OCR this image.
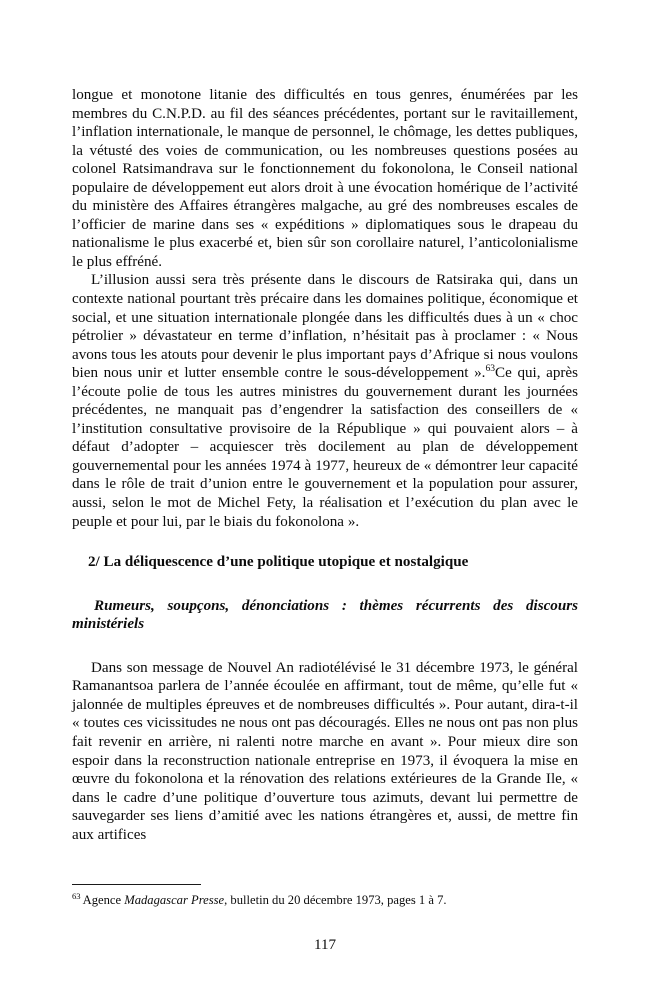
longue et monotone litanie des difficultés en tous genres, énumérées par les membres du C.N.P.D. au fil des séances précédentes, portant sur le ravitaillement, l’inflation internationale, le manque de personnel, le chômage, les dettes publiques, la vétusté des voies de communication, ou les nombreuses questions posées au colonel Ratsimandrava sur le fonctionnement du fokonolona, le Conseil national populaire de développement eut alors droit à une évocation homérique de l’activité du ministère des Affaires étrangères malgache, au gré des nombreuses escales de l’officier de marine dans ses « expéditions » diplomatiques sous le drapeau du nationalisme le plus exacerbé et, bien sûr son corollaire naturel, l’anticolonialisme le plus effréné.

L’illusion aussi sera très présente dans le discours de Ratsiraka qui, dans un contexte national pourtant très précaire dans les domaines politique, économique et social, et une situation internationale plongée dans les difficultés dues à un « choc pétrolier » dévastateur en terme d’inflation, n’hésitait pas à proclamer : « Nous avons tous les atouts pour devenir le plus important pays d’Afrique si nous voulons bien nous unir et lutter ensemble contre le sous-développement ».$^{63}$Ce qui, après l’écoute polie de tous les autres ministres du gouvernement durant les journées précédentes, ne manquait pas d’engendrer la satisfaction des conseillers de « l’institution consultative provisoire de la République » qui pouvaient alors – à défaut d’adopter – acquiescer très docilement au plan de développement gouvernemental pour les années 1974 à 1977, heureux de « démontrer leur capacité dans le rôle de trait d’union entre le gouvernement et la population pour assurer, aussi, selon le mot de Michel Fety, la réalisation et l’exécution du plan avec le peuple et pour lui, par le biais du fokonolona ».

2/ La déliquescence d’une politique utopique et nostalgique
Rumeurs, soupçons, dénonciations : thèmes récurrents des discours ministériels

Dans son message de Nouvel An radiotélévisé le 31 décembre 1973, le général Ramanantsoa parlera de l’année écoulée en affirmant, tout de même, qu’elle fut « jalonnée de multiples épreuves et de nombreuses difficultés ». Pour autant, dira-t-il « toutes ces vicissitudes ne nous ont pas découragés. Elles ne nous ont pas non plus fait revenir en arrière, ni ralenti notre marche en avant ». Pour mieux dire son espoir dans la reconstruction nationale entreprise en 1973, il évoquera la mise en œuvre du fokonolona et la rénovation des relations extérieures de la Grande Ile, « dans le cadre d’une politique d’ouverture tous azimuts, devant lui permettre de sauvegarder ses liens d’amitié avec les nations étrangères et, aussi, de mettre fin aux artifices

$^{63}$ Agence Madagascar Presse, bulletin du 20 décembre 1973, pages 1 à 7.

117
